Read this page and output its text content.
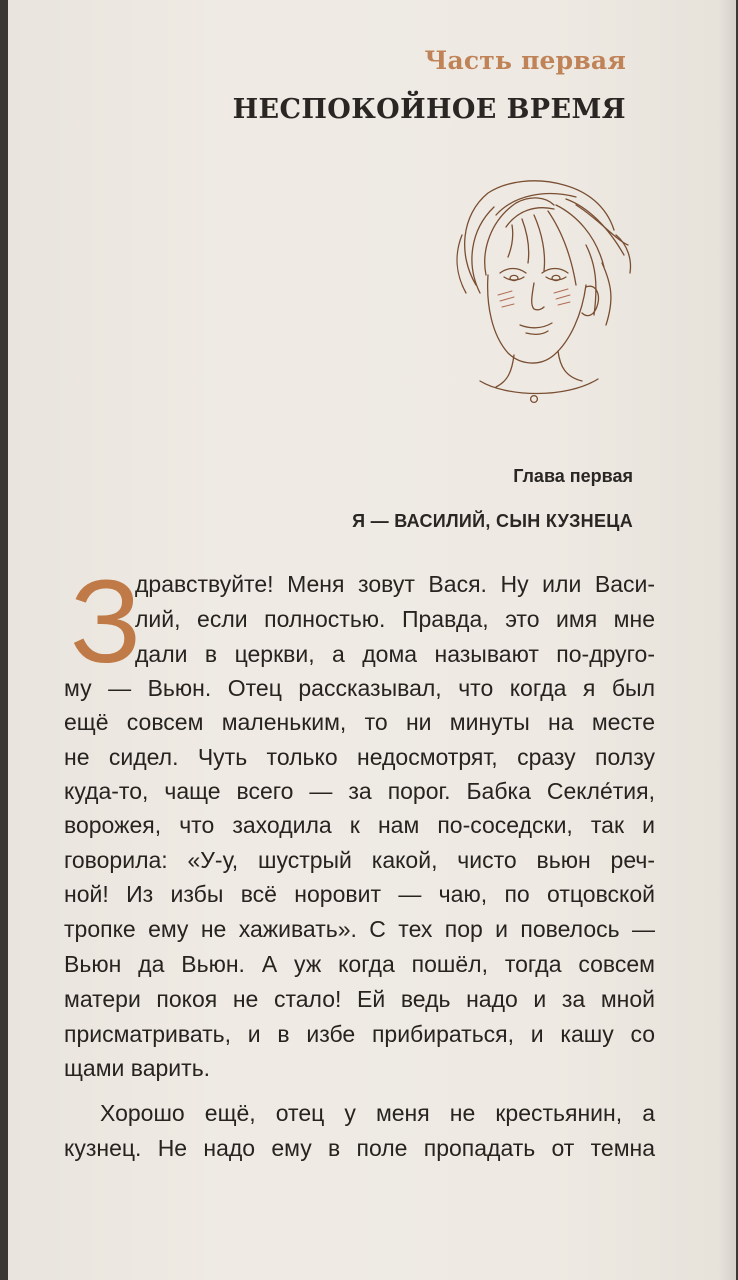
Часть первая
НЕСПОКОЙНОЕ ВРЕМЯ
Глава первая
Я — ВАСИЛИЙ, СЫН КУЗНЕЦА
З
дравствуйте! Меня зовут Вася. Ну или Васи-
лий, если полностью. Правда, это имя мне
дали в церкви, а дома называют по-друго-
му — Вьюн. Отец рассказывал, что когда я был
ещё совсем маленьким, то ни минуты на месте
не сидел. Чуть только недосмотрят, сразу ползу
куда-то, чаще всего — за порог. Бабка Секле́тия,
ворожея, что заходила к нам по-соседски, так и
говорила: «У-у, шустрый какой, чисто вьюн реч-
ной! Из избы всё норовит — чаю, по отцовской
тропке ему не хаживать». С тех пор и повелось —
Вьюн да Вьюн. А уж когда пошёл, тогда совсем
матери покоя не стало! Ей ведь надо и за мной
присматривать, и в избе прибираться, и кашу со
щами варить.
Хорошо ещё, отец у меня не крестьянин, а
кузнец. Не надо ему в поле пропадать от темна
